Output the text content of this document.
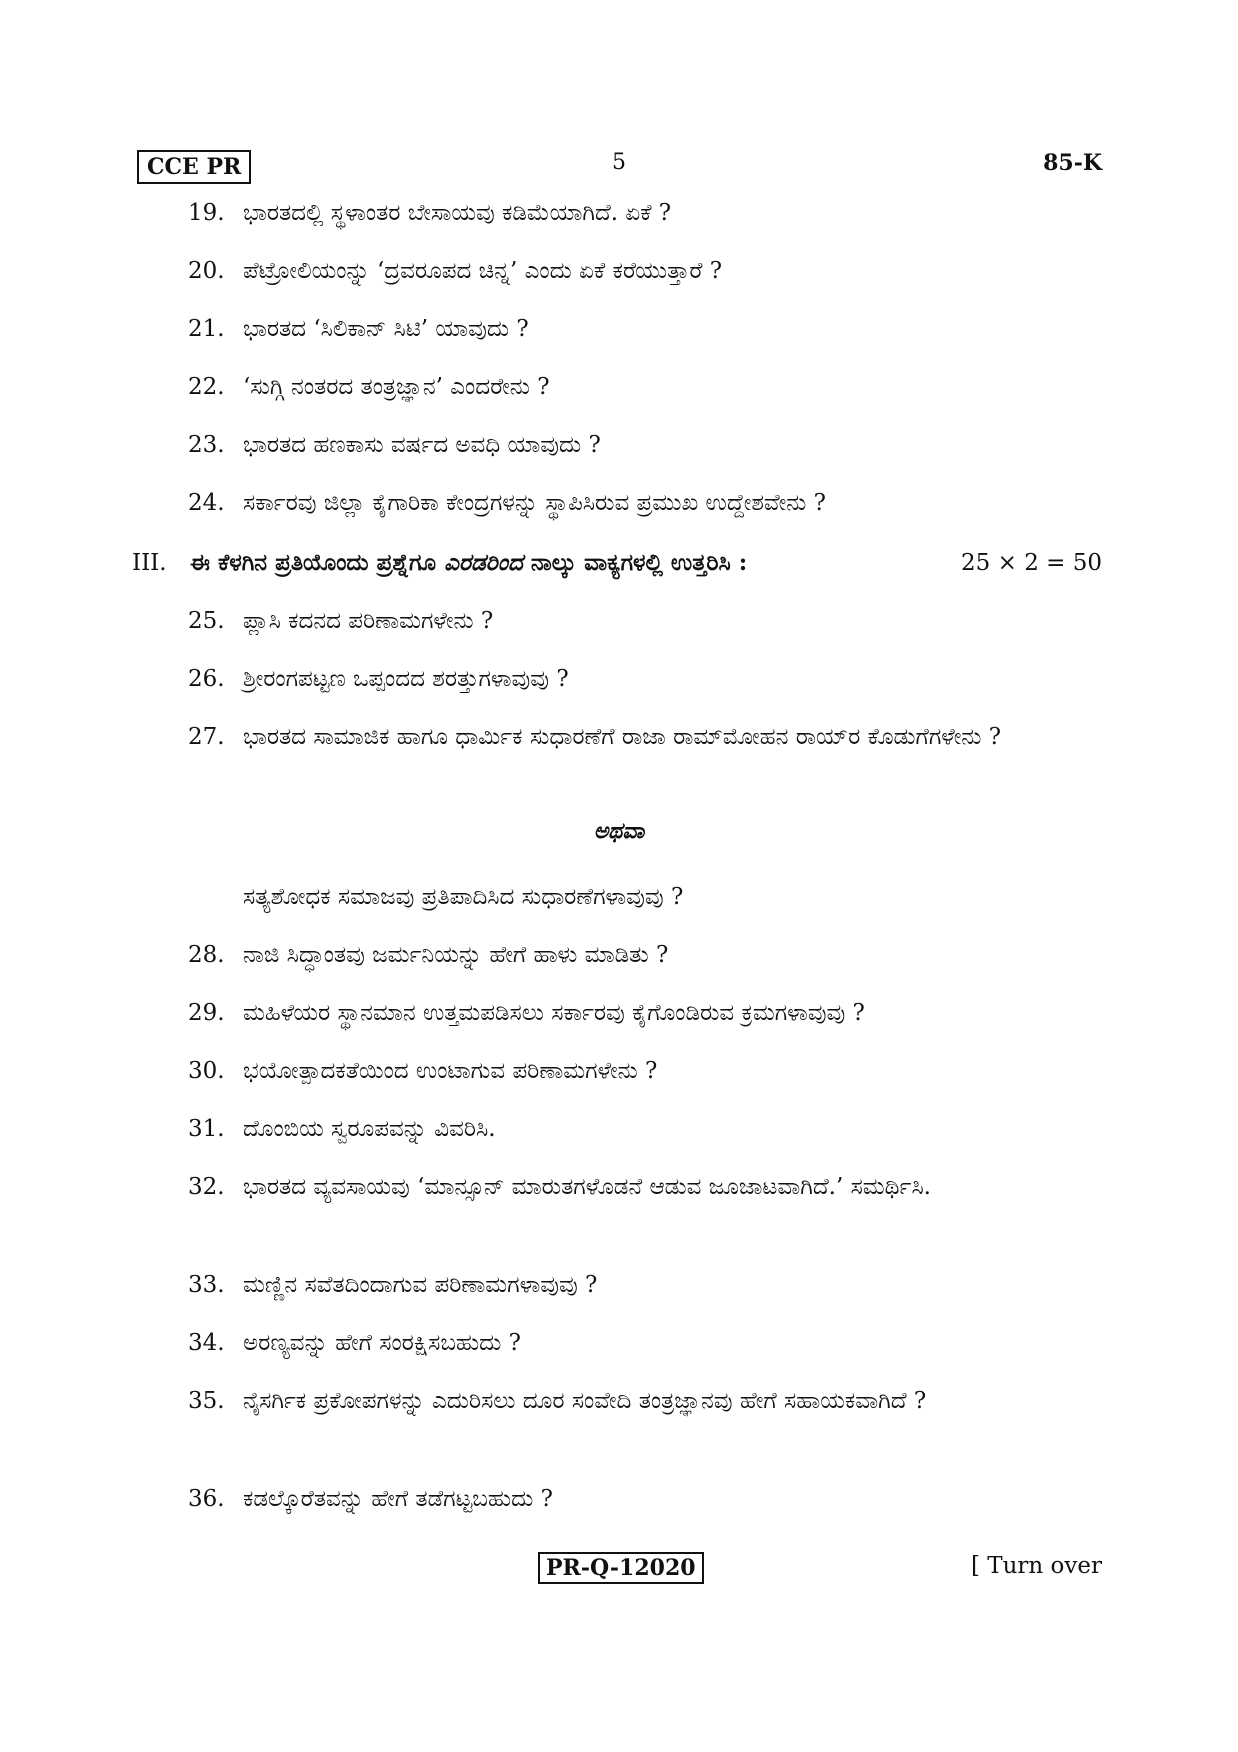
CCE PR	5	85-K
19. ಭಾರತದಲ್ಲಿ ಸ್ಥಳಾಂತರ ಬೇಸಾಯವು ಕಡಿಮೆಯಾಗಿದೆ. ಏಕೆ ?
20. ಪೆಟ್ರೋಲಿಯಂನ್ನು ‘ದ್ರವರೂಪದ ಚಿನ್ನ’ ಎಂದು ಏಕೆ ಕರೆಯುತ್ತಾರೆ ?
21. ಭಾರತದ ‘ಸಿಲಿಕಾನ್ ಸಿಟಿ’ ಯಾವುದು ?
22. ‘ಸುಗ್ಗಿ ನಂತರದ ತಂತ್ರಜ್ಞಾನ’ ಎಂದರೇನು ?
23. ಭಾರತದ ಹಣಕಾಸು ವರ್ಷದ ಅವಧಿ ಯಾವುದು ?
24. ಸರ್ಕಾರವು ಜಿಲ್ಲಾ ಕೈಗಾರಿಕಾ ಕೇಂದ್ರಗಳನ್ನು ಸ್ಥಾಪಿಸಿರುವ ಪ್ರಮುಖ ಉದ್ದೇಶವೇನು ?
III. ಈ ಕೆಳಗಿನ ಪ್ರತಿಯೊಂದು ಪ್ರಶ್ನೆಗೂ ಎರಡರಿಂದ ನಾಲ್ಕು ವಾಕ್ಯಗಳಲ್ಲಿ ಉತ್ತರಿಸಿ :	25 × 2 = 50
25. ಪ್ಲಾಸಿ ಕದನದ ಪರಿಣಾಮಗಳೇನು ?
26. ಶ್ರೀರಂಗಪಟ್ಟಣ ಒಪ್ಪಂದದ ಶರತ್ತುಗಳಾವುವು ?
27. ಭಾರತದ ಸಾಮಾಜಿಕ ಹಾಗೂ ಧಾರ್ಮಿಕ ಸುಧಾರಣೆಗೆ ರಾಜಾ ರಾಮ್‌ಮೋಹನ ರಾಯ್‌ರ ಕೊಡುಗೆಗಳೇನು ?
ಅಥವಾ
ಸತ್ಯಶೋಧಕ ಸಮಾಜವು ಪ್ರತಿಪಾದಿಸಿದ ಸುಧಾರಣೆಗಳಾವುವು ?
28. ನಾಜಿ ಸಿದ್ಧಾಂತವು ಜರ್ಮನಿಯನ್ನು ಹೇಗೆ ಹಾಳು ಮಾಡಿತು ?
29. ಮಹಿಳೆಯರ ಸ್ಥಾನಮಾನ ಉತ್ತಮಪಡಿಸಲು ಸರ್ಕಾರವು ಕೈಗೊಂಡಿರುವ ಕ್ರಮಗಳಾವುವು ?
30. ಭಯೋತ್ಪಾದಕತೆಯಿಂದ ಉಂಟಾಗುವ ಪರಿಣಾಮಗಳೇನು ?
31. ದೊಂಬಿಯ ಸ್ವರೂಪವನ್ನು ವಿವರಿಸಿ.
32. ಭಾರತದ ವ್ಯವಸಾಯವು ‘ಮಾನ್ಸೂನ್ ಮಾರುತಗಳೊಡನೆ ಆಡುವ ಜೂಜಾಟವಾಗಿದೆ.’ ಸಮರ್ಥಿಸಿ.
33. ಮಣ್ಣಿನ ಸವೆತದಿಂದಾಗುವ ಪರಿಣಾಮಗಳಾವುವು ?
34. ಅರಣ್ಯವನ್ನು ಹೇಗೆ ಸಂರಕ್ಷಿಸಬಹುದು ?
35. ನೈಸರ್ಗಿಕ ಪ್ರಕೋಪಗಳನ್ನು ಎದುರಿಸಲು ದೂರ ಸಂವೇದಿ ತಂತ್ರಜ್ಞಾನವು ಹೇಗೆ ಸಹಾಯಕವಾಗಿದೆ ?
36. ಕಡಲ್ಕೊರೆತವನ್ನು ಹೇಗೆ ತಡೆಗಟ್ಟಬಹುದು ?
PR-Q-12020	[ Turn over
